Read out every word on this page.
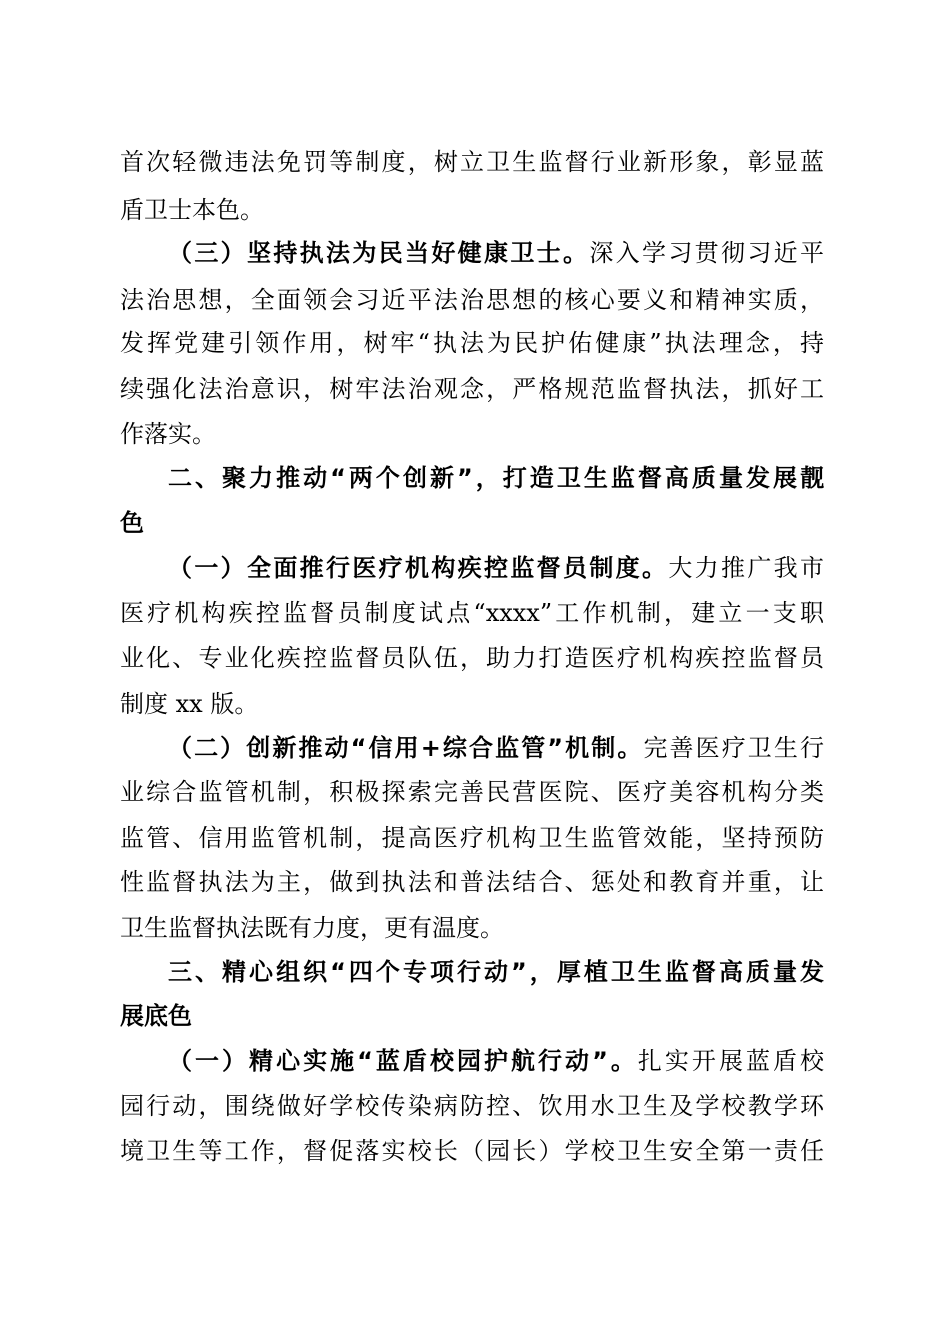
首次轻微违法免罚等制度，树立卫生监督行业新形象，彰显蓝
盾卫士本色。
（三）坚持执法为民当好健康卫士。深入学习贯彻习近平
法治思想，全面领会习近平法治思想的核心要义和精神实质，
发挥党建引领作用，树牢“执法为民护佑健康”执法理念，持
续强化法治意识，树牢法治观念，严格规范监督执法，抓好工
作落实。
二、聚力推动“两个创新”，打造卫生监督高质量发展靓
色
（一）全面推行医疗机构疾控监督员制度。大力推广我市
医疗机构疾控监督员制度试点“xxxx”工作机制，建立一支职
业化、专业化疾控监督员队伍，助力打造医疗机构疾控监督员
制度 xx 版。
（二）创新推动“信用+综合监管”机制。完善医疗卫生行
业综合监管机制，积极探索完善民营医院、医疗美容机构分类
监管、信用监管机制，提高医疗机构卫生监管效能，坚持预防
性监督执法为主，做到执法和普法结合、惩处和教育并重，让
卫生监督执法既有力度，更有温度。
三、精心组织“四个专项行动”，厚植卫生监督高质量发
展底色
（一）精心实施“蓝盾校园护航行动”。扎实开展蓝盾校
园行动，围绕做好学校传染病防控、饮用水卫生及学校教学环
境卫生等工作，督促落实校长（园长）学校卫生安全第一责任
